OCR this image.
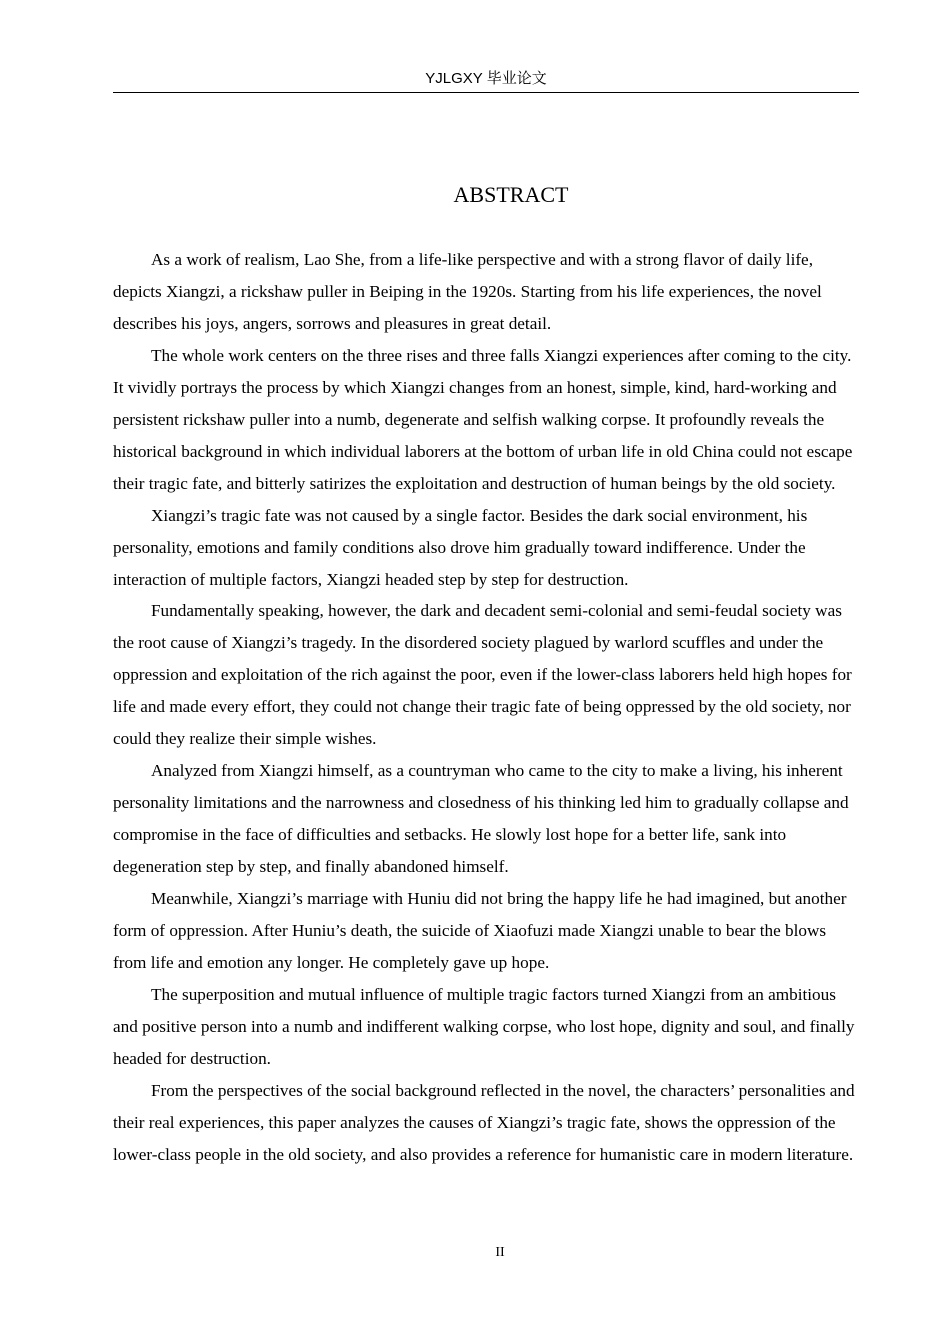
YJLGXY 毕业论文
ABSTRACT

As a work of realism, Lao She, from a life-like perspective and with a strong flavor of daily life, depicts Xiangzi, a rickshaw puller in Beiping in the 1920s. Starting from his life experiences, the novel describes his joys, angers, sorrows and pleasures in great detail.

The whole work centers on the three rises and three falls Xiangzi experiences after coming to the city. It vividly portrays the process by which Xiangzi changes from an honest, simple, kind, hard-working and persistent rickshaw puller into a numb, degenerate and selfish walking corpse. It profoundly reveals the historical background in which individual laborers at the bottom of urban life in old China could not escape their tragic fate, and bitterly satirizes the exploitation and destruction of human beings by the old society.

Xiangzi’s tragic fate was not caused by a single factor. Besides the dark social environment, his personality, emotions and family conditions also drove him gradually toward indifference. Under the interaction of multiple factors, Xiangzi headed step by step for destruction.

Fundamentally speaking, however, the dark and decadent semi-colonial and semi-feudal society was the root cause of Xiangzi’s tragedy. In the disordered society plagued by warlord scuffles and under the oppression and exploitation of the rich against the poor, even if the lower-class laborers held high hopes for life and made every effort, they could not change their tragic fate of being oppressed by the old society, nor could they realize their simple wishes.

Analyzed from Xiangzi himself, as a countryman who came to the city to make a living, his inherent personality limitations and the narrowness and closedness of his thinking led him to gradually collapse and compromise in the face of difficulties and setbacks. He slowly lost hope for a better life, sank into degeneration step by step, and finally abandoned himself.

Meanwhile, Xiangzi’s marriage with Huniu did not bring the happy life he had imagined, but another form of oppression. After Huniu’s death, the suicide of Xiaofuzi made Xiangzi unable to bear the blows from life and emotion any longer. He completely gave up hope.

The superposition and mutual influence of multiple tragic factors turned Xiangzi from an ambitious and positive person into a numb and indifferent walking corpse, who lost hope, dignity and soul, and finally headed for destruction.

From the perspectives of the social background reflected in the novel, the characters’ personalities and their real experiences, this paper analyzes the causes of Xiangzi’s tragic fate, shows the oppression of the lower-class people in the old society, and also provides a reference for humanistic care in modern literature.

II
